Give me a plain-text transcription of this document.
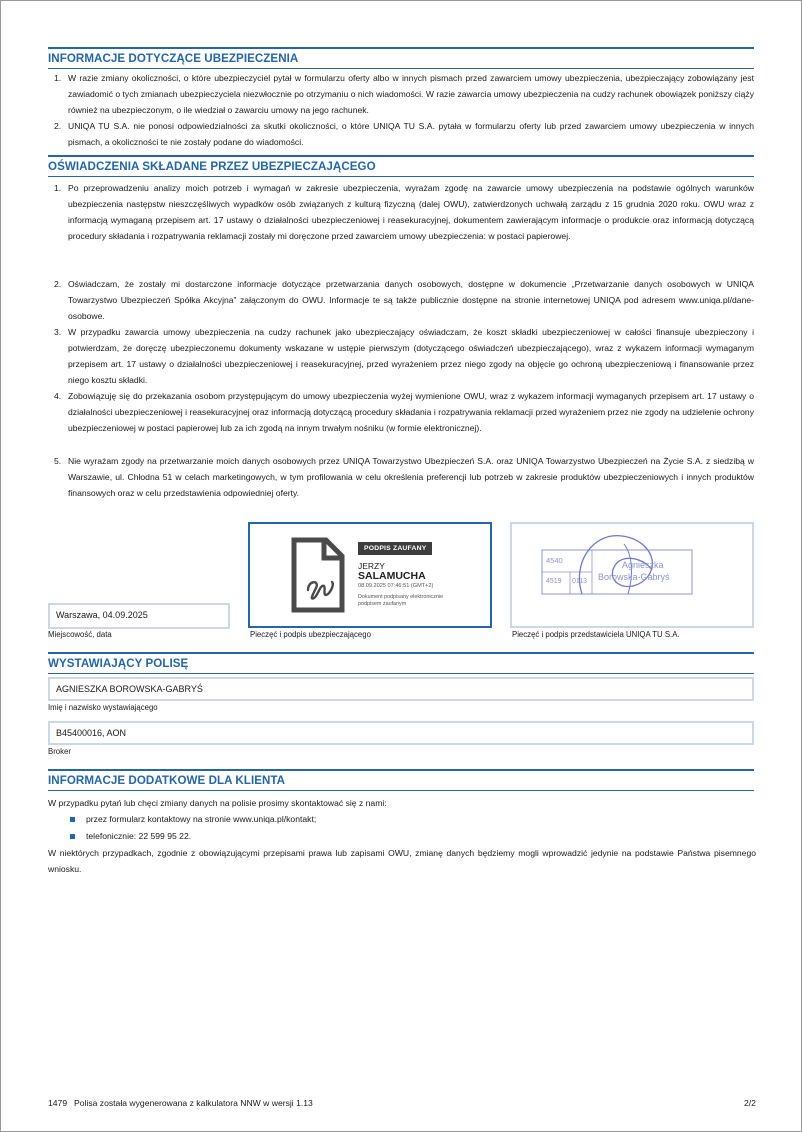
INFORMACJE DOTYCZĄCE UBEZPIECZENIA
1. W razie zmiany okoliczności, o które ubezpieczyciel pytał w formularzu oferty albo w innych pismach przed zawarciem umowy ubezpieczenia, ubezpieczający zobowiązany jest zawiadomić o tych zmianach ubezpieczyciela niezwłocznie po otrzymaniu o nich wiadomości. W razie zawarcia umowy ubezpieczenia na cudzy rachunek obowiązek poniższy ciąży również na ubezpieczonym, o ile wiedział o zawarciu umowy na jego rachunek.
2. UNIQA TU S.A. nie ponosi odpowiedzialności za skutki okoliczności, o które UNIQA TU S.A. pytała w formularzu oferty lub przed zawarciem umowy ubezpieczenia w innych pismach, a okoliczności te nie zostały podane do wiadomości.
OŚWIADCZENIA SKŁADANE PRZEZ UBEZPIECZAJĄCEGO
1. Po przeprowadzeniu analizy moich potrzeb i wymagań w zakresie ubezpieczenia, wyrażam zgodę na zawarcie umowy ubezpieczenia na podstawie ogólnych warunków ubezpieczenia następstw nieszczęśliwych wypadków osób związanych z kulturą fizyczną (dalej OWU), zatwierdzonych uchwałą zarządu z 15 grudnia 2020 roku. OWU wraz z informacją wymaganą przepisem art. 17 ustawy o działalności ubezpieczeniowej i reasekuracyjnej, dokumentem zawierającym informacje o produkcie oraz informacją dotyczącą procedury składania i rozpatrywania reklamacji zostały mi doręczone przed zawarciem umowy ubezpieczenia: w postaci papierowej.
2. Oświadczam, że zostały mi dostarczone informacje dotyczące przetwarzania danych osobowych, dostępne w dokumencie „Przetwarzanie danych osobowych w UNIQA Towarzystwo Ubezpieczeń Spółka Akcyjna” załączonym do OWU. Informacje te są także publicznie dostępne na stronie internetowej UNIQA pod adresem www.uniqa.pl/dane-osobowe.
3. W przypadku zawarcia umowy ubezpieczenia na cudzy rachunek jako ubezpieczający oświadczam, że koszt składki ubezpieczeniowej w całości finansuje ubezpieczony i potwierdzam, że doręczę ubezpieczonemu dokumenty wskazane w ustępie pierwszym (dotyczącego oświadczeń ubezpieczającego), wraz z wykazem informacji wymaganym przepisem art. 17 ustawy o działalności ubezpieczeniowej i reasekuracyjnej, przed wyrażeniem przez niego zgody na objęcie go ochroną ubezpieczeniową i finansowanie przez niego kosztu składki.
4. Zobowiązuję się do przekazania osobom przystępującym do umowy ubezpieczenia wyżej wymienione OWU, wraz z wykazem informacji wymaganych przepisem art. 17 ustawy o działalności ubezpieczeniowej i reasekuracyjnej oraz informacją dotyczącą procedury składania i rozpatrywania reklamacji przed wyrażeniem przez nie zgody na udzielenie ochrony ubezpieczeniowej w postaci papierowej lub za ich zgodą na innym trwałym nośniku (w formie elektronicznej).
5. Nie wyrażam zgody na przetwarzanie moich danych osobowych przez UNIQA Towarzystwo Ubezpieczeń S.A. oraz UNIQA Towarzystwo Ubezpieczeń na Życie S.A. z siedzibą w Warszawie, ul. Chłodna 51 w celach marketingowych, w tym profilowania w celu określenia preferencji lub potrzeb w zakresie produktów ubezpieczeniowych i innych produktów finansowych oraz w celu przedstawienia odpowiedniej oferty.
Warszawa, 04.09.2025
Miejscowość, data
PODPIS ZAUFANY
JERZY
SALAMUCHA
08.09.2025 07:46:51 (GMT+2)
Dokument podpisany elektronicznie
podpisem zaufanym
Pieczęć i podpis ubezpieczającego
4540
4519 0113
Agnieszka
Borowska-Gabryś
Pieczęć i podpis przedstawiciela UNIQA TU S.A.
WYSTAWIAJĄCY POLISĘ
AGNIESZKA BOROWSKA-GABRYŚ
Imię i nazwisko wystawiającego
B45400016, AON
Broker
INFORMACJE DODATKOWE DLA KLIENTA
W przypadku pytań lub chęci zmiany danych na polisie prosimy skontaktować się z nami:
przez formularz kontaktowy na stronie www.uniqa.pl/kontakt;
telefonicznie: 22 599 95 22.
W niektórych przypadkach, zgodnie z obowiązującymi przepisami prawa lub zapisami OWU, zmianę danych będziemy mogli wprowadzić jedynie na podstawie Państwa pisemnego wniosku.
1479 Polisa została wygenerowana z kalkulatora NNW w wersji 1.13	2/2
